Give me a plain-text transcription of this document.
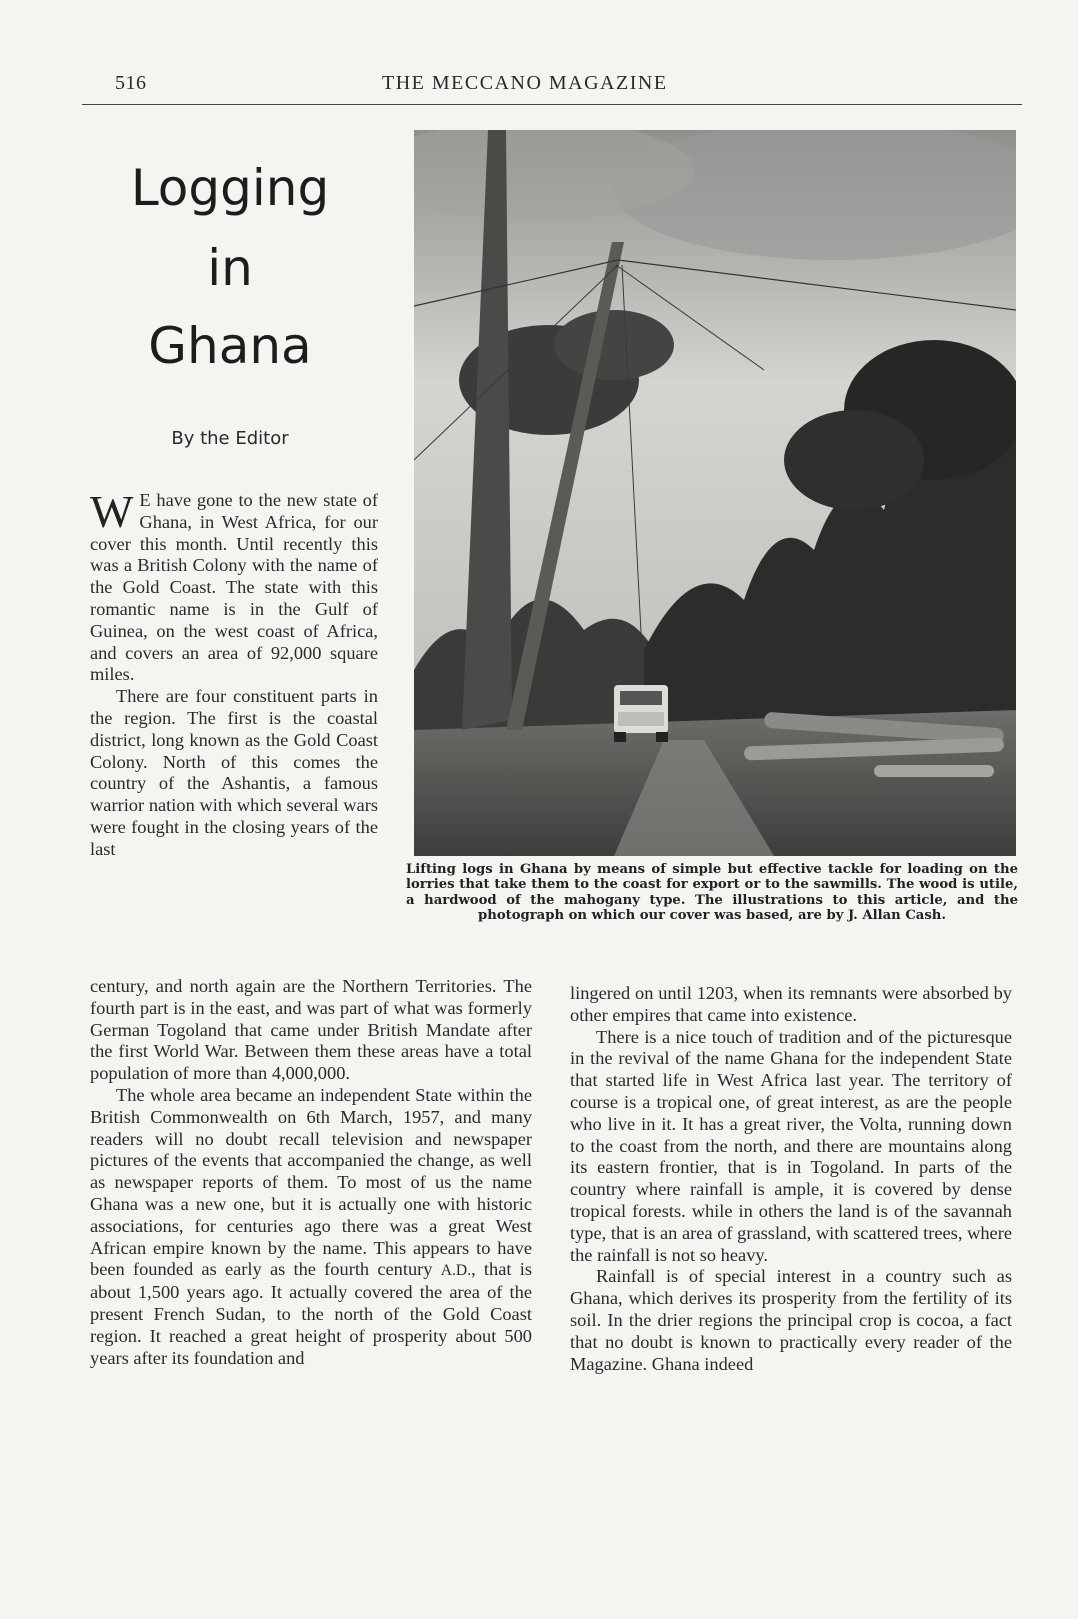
516	THE MECCANO MAGAZINE
Logging
in
Ghana
By the Editor
Lifting logs in Ghana by means of simple but effective tackle for loading on the lorries that take them to the coast for export or to the sawmills. The wood is utile, a hardwood of the mahogany type. The illustrations to this article, and the photograph on which our cover was based, are by J. Allan Cash.

W E have gone to the new state of Ghana, in West Africa, for our cover this month. Until recently this was a British Colony with the name of the Gold Coast. The state with this romantic name is in the Gulf of Guinea, on the west coast of Africa, and covers an area of 92,000 square miles.

There are four constituent parts in the region. The first is the coastal district, long known as the Gold Coast Colony. North of this comes the country of the Ashantis, a famous warrior nation with which several wars were fought in the closing years of the last

century, and north again are the Northern Territories. The fourth part is in the east, and was part of what was formerly German Togoland that came under British Mandate after the first World War. Between them these areas have a total population of more than 4,000,000.

The whole area became an independent State within the British Commonwealth on 6th March, 1957, and many readers will no doubt recall television and newspaper pictures of the events that accompanied the change, as well as newspaper reports of them. To most of us the name Ghana was a new one, but it is actually one with historic associations, for centuries ago there was a great West African empire known by the name. This appears to have been founded as early as the fourth century A.D., that is about 1,500 years ago. It actually covered the area of the present French Sudan, to the north of the Gold Coast region. It reached a great height of prosperity about 500 years after its foundation and

lingered on until 1203, when its remnants were absorbed by other empires that came into existence.

There is a nice touch of tradition and of the picturesque in the revival of the name Ghana for the independent State that started life in West Africa last year. The territory of course is a tropical one, of great interest, as are the people who live in it. It has a great river, the Volta, running down to the coast from the north, and there are mountains along its eastern frontier, that is in Togoland. In parts of the country where rainfall is ample, it is covered by dense tropical forests. while in others the land is of the savannah type, that is an area of grassland, with scattered trees, where the rainfall is not so heavy.

Rainfall is of special interest in a country such as Ghana, which derives its prosperity from the fertility of its soil. In the drier regions the principal crop is cocoa, a fact that no doubt is known to practically every reader of the Magazine. Ghana indeed
